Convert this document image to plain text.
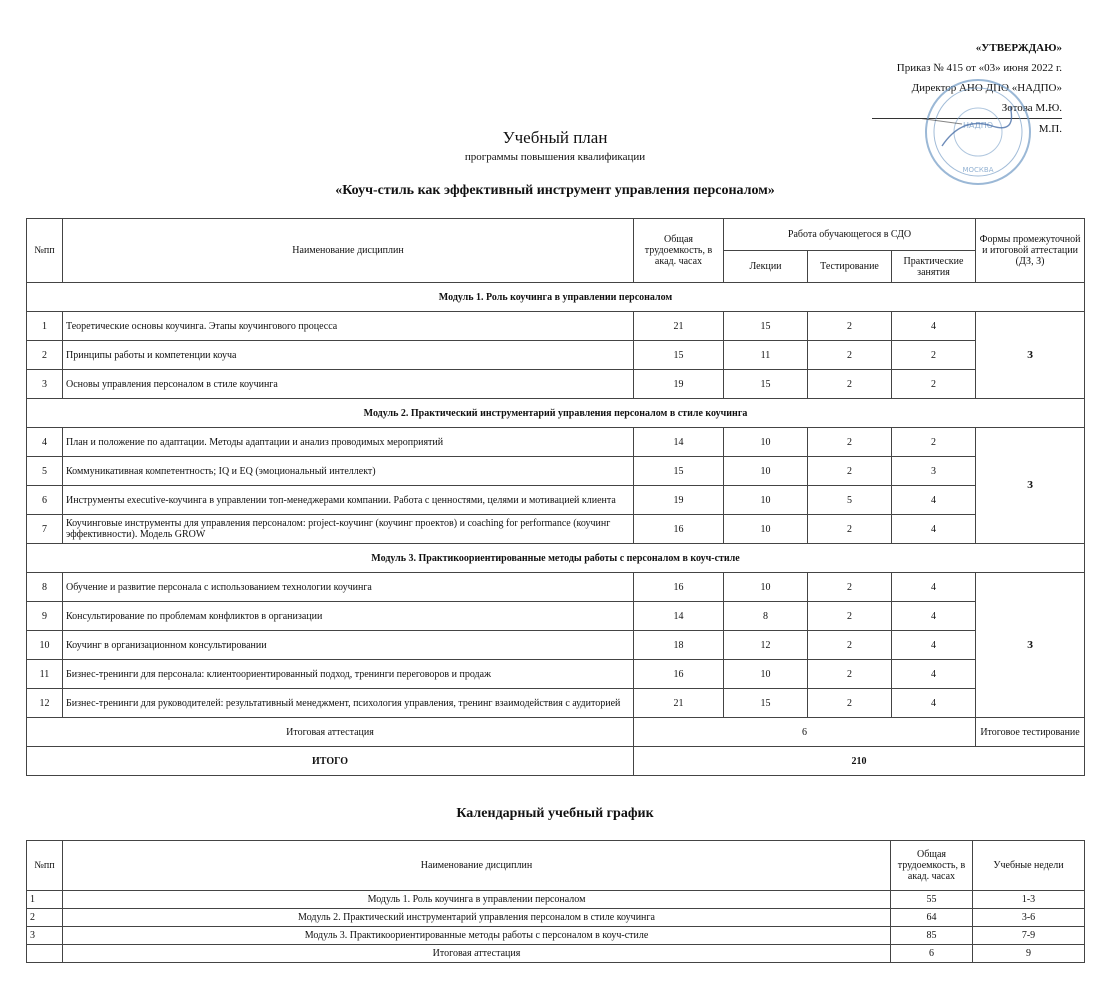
«УТВЕРЖДАЮ»
Приказ № 415 от «03» июня 2022 г.
Директор АНО ДПО «НАДПО»
Зотова М.Ю.
М.П.
НАДПО
МОСКВА
Учебный план
программы повышения квалификации
«Коуч-стиль как эффективный инструмент управления персоналом»
№пп	Наименование дисциплин	Общая трудоемкость, в акад. часах	Работа обучающегося в СДО			Формы промежуточной и итоговой аттестации (ДЗ, З)
			Лекции	Тестирование	Практические занятия	
Модуль 1. Роль коучинга в управлении персоналом						
1	Теоретические основы коучинга. Этапы коучингового процесса	21	15	2	4	З
2	Принципы работы и компетенции коуча	15	11	2	2	
3	Основы управления персоналом в стиле коучинга	19	15	2	2	
Модуль 2. Практический инструментарий управления персоналом в стиле коучинга						
4	План и положение по адаптации. Методы адаптации и анализ проводимых мероприятий	14	10	2	2	З
5	Коммуникативная компетентность; IQ и EQ (эмоциональный интеллект)	15	10	2	3	
6	Инструменты executive-коучинга в управлении топ-менеджерами компании. Работа с ценностями, целями и мотивацией клиента	19	10	5	4	
7	Коучинговые инструменты для управления персоналом: project-коучинг (коучинг проектов) и coaching for performance (коучинг эффективности). Модель GROW	16	10	2	4	
Модуль 3. Практикоориентированные методы работы с персоналом в коуч-стиле						
8	Обучение и развитие персонала с использованием технологии коучинга	16	10	2	4	З
9	Консультирование по проблемам конфликтов в организации	14	8	2	4	
10	Коучинг в организационном консультировании	18	12	2	4	
11	Бизнес-тренинги для персонала: клиентоориентированный подход, тренинги переговоров и продаж	16	10	2	4	
12	Бизнес-тренинги для руководителей: результативный менеджмент, психология управления, тренинг взаимодействия с аудиторией	21	15	2	4	
Итоговая аттестация		6				Итоговое тестирование
ИТОГО		210				
Календарный учебный график
№пп	Наименование дисциплин	Общая трудоемкость, в акад. часах	Учебные недели
1	Модуль 1. Роль коучинга в управлении персоналом	55	1-3
2	Модуль 2. Практический инструментарий управления персоналом в стиле коучинга	64	3-6
3	Модуль 3. Практикоориентированные методы работы с персоналом в коуч-стиле	85	7-9
	Итоговая аттестация	6	9
